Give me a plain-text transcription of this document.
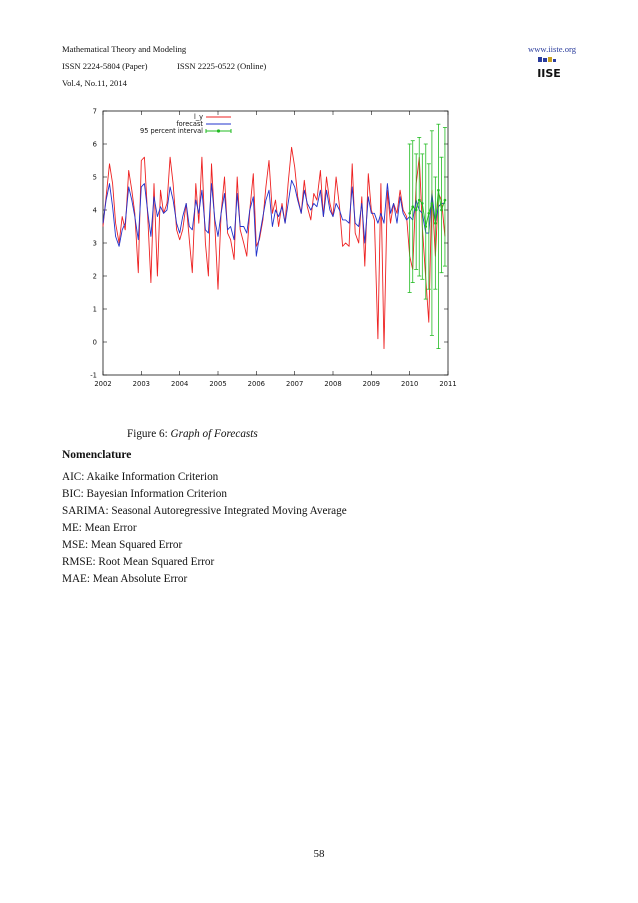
Mathematical Theory and Modeling
ISSN 2224-5804 (Paper)	ISSN 2225-0522 (Online)
Vol.4, No.11, 2014
www.iiste.org
IISE
-1
0
1
2
3
4
5
6
7
2002	2003	2004	2005	2006	2007	2008	2009	2010	2011
l_y
forecast
95 percent interval
Figure 6: Graph of Forecasts
Nomenclature
AIC: Akaike Information Criterion
BIC: Bayesian Information Criterion
SARIMA: Seasonal Autoregressive Integrated Moving Average
ME: Mean Error
MSE: Mean Squared Error
RMSE: Root Mean Squared Error
MAE: Mean Absolute Error
58
